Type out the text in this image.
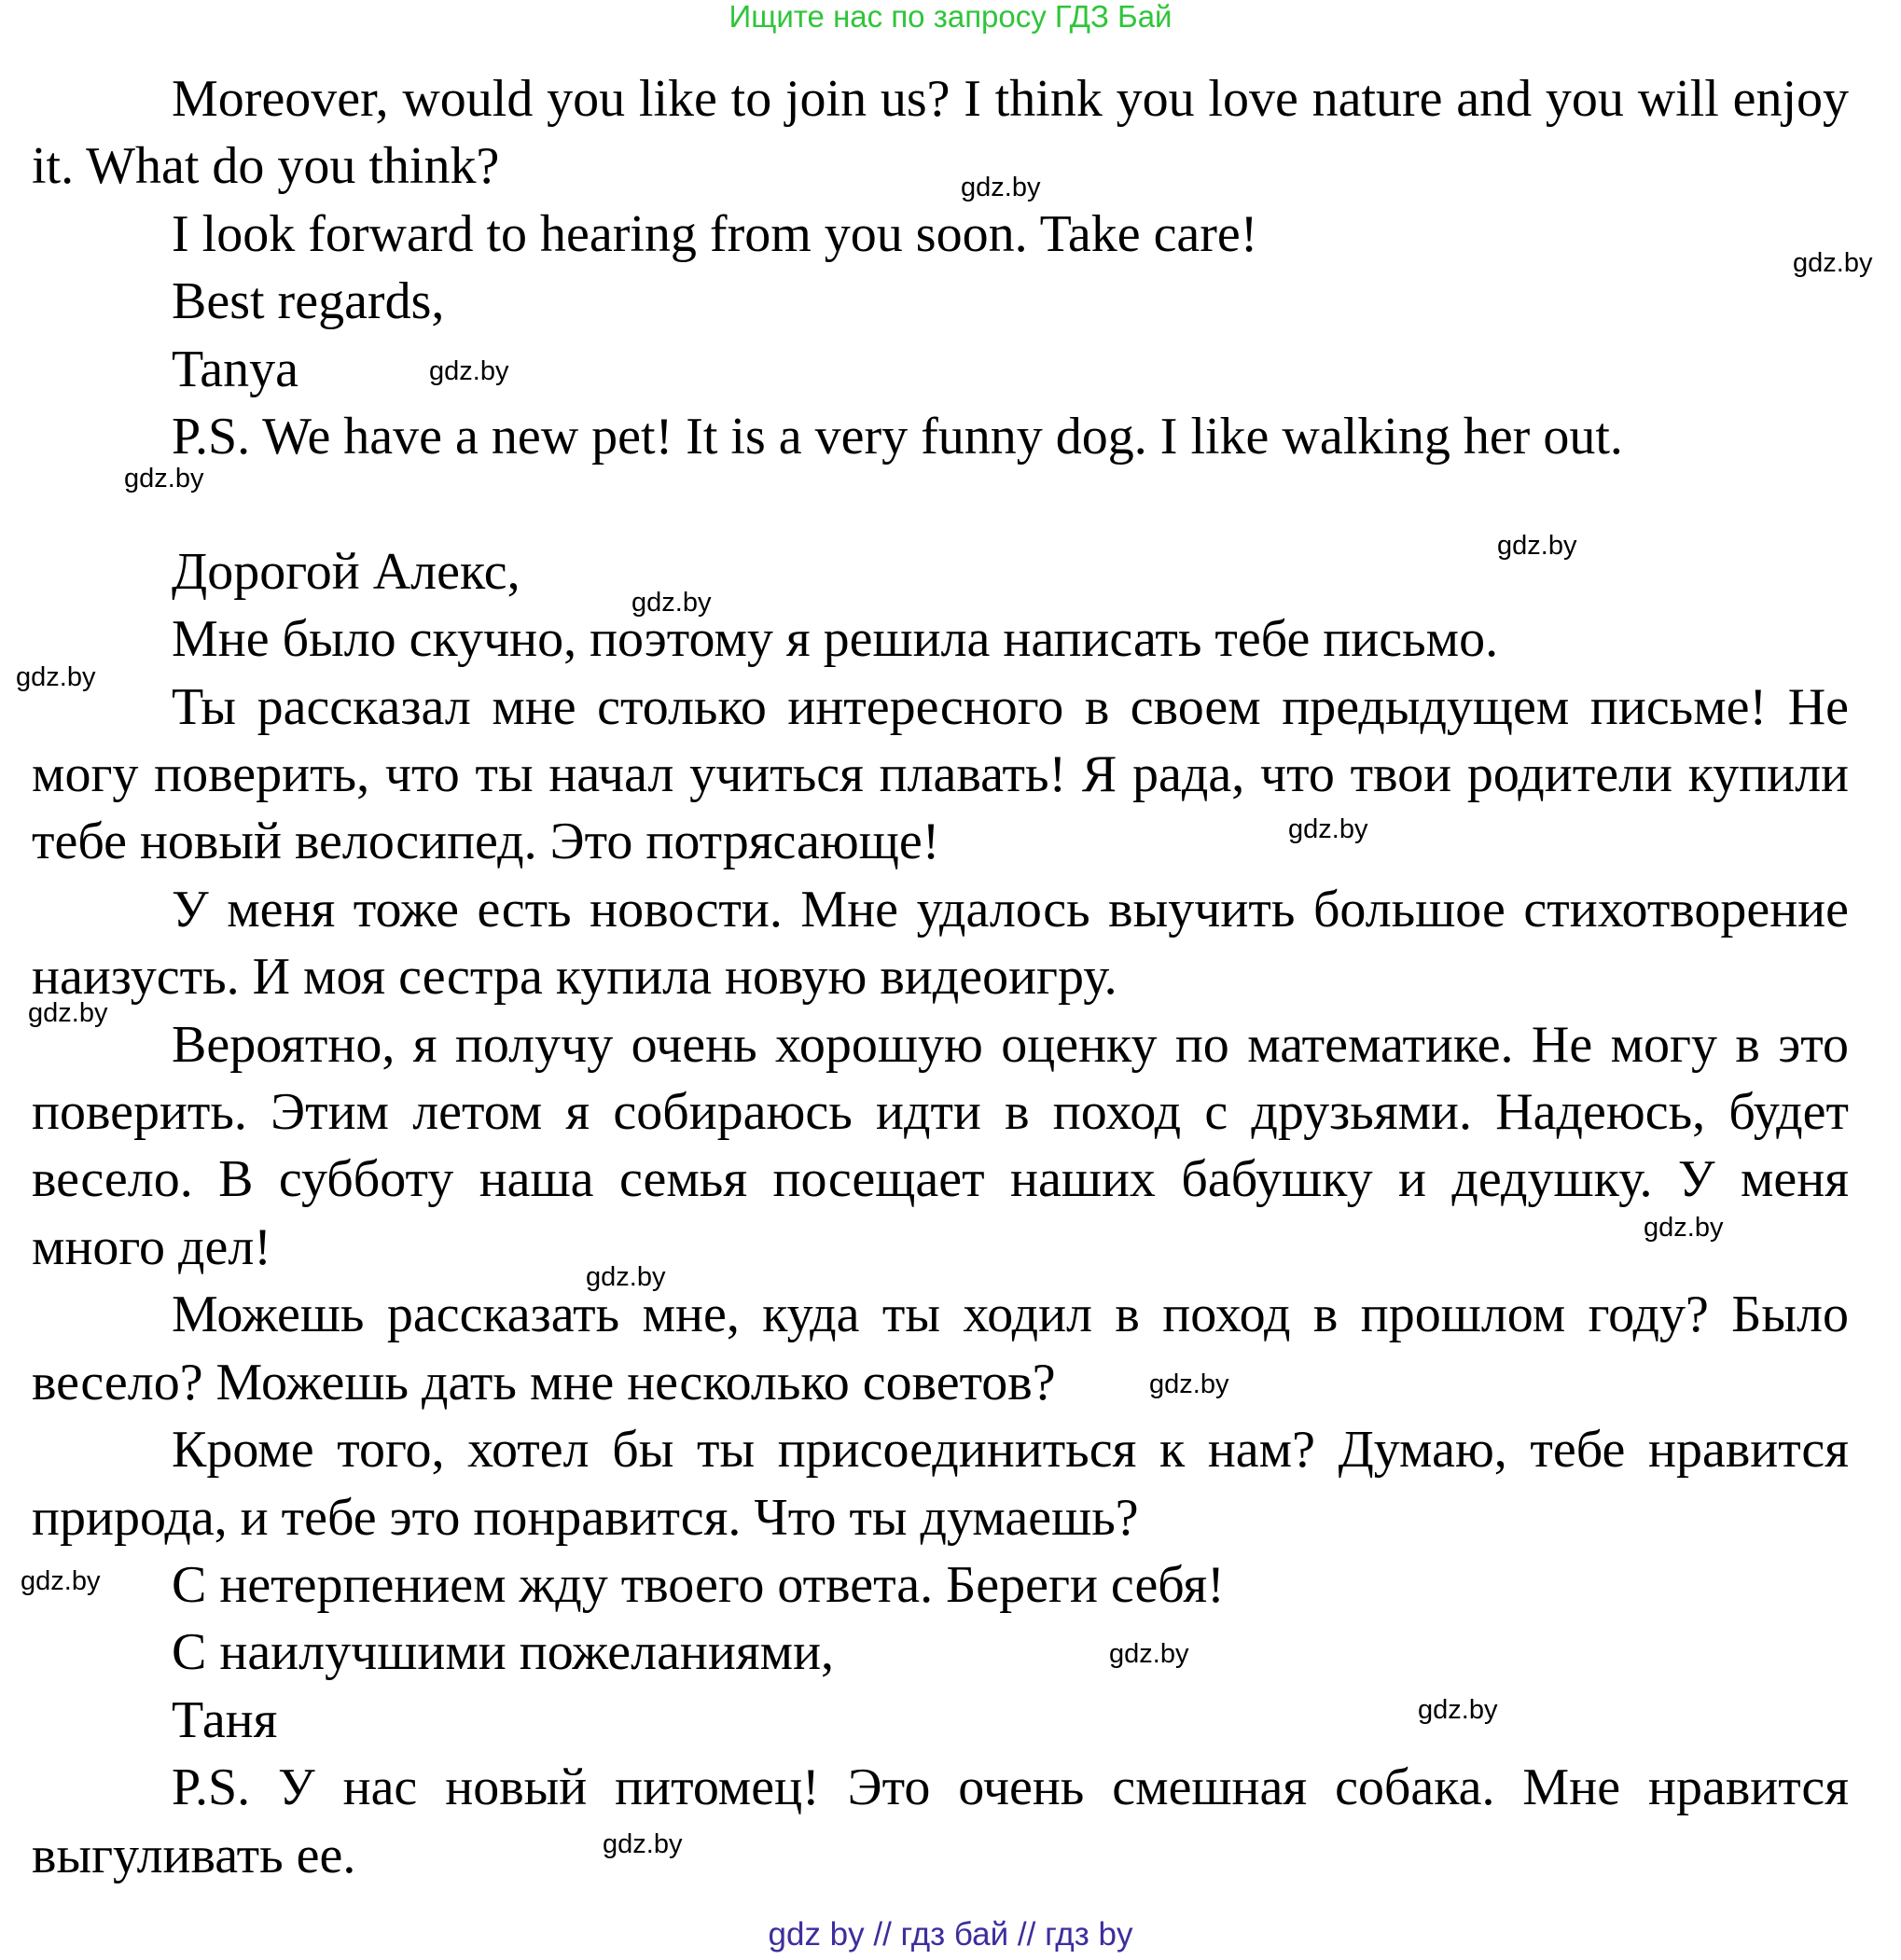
Ищите нас по запросу ГДЗ Бай

Moreover, would you like to join us? I think you love nature and you will enjoy it. What do you think?

I look forward to hearing from you soon. Take care!

Best regards,

Tanya

P.S. We have a new pet! It is a very funny dog. I like walking her out.

Дорогой Алекс,

Мне было скучно, поэтому я решила написать тебе письмо.

Ты рассказал мне столько интересного в своем предыдущем письме! Не могу поверить, что ты начал учиться плавать! Я рада, что твои родители купили тебе новый велосипед. Это потрясающе!

У меня тоже есть новости. Мне удалось выучить большое стихотворение наизусть. И моя сестра купила новую видеоигру.

Вероятно, я получу очень хорошую оценку по математике. Не могу в это поверить. Этим летом я собираюсь идти в поход с друзьями. Надеюсь, будет весело. В субботу наша семья посещает наших бабушку и дедушку. У меня много дел!

Можешь рассказать мне, куда ты ходил в поход в прошлом году? Было весело? Можешь дать мне несколько советов?

Кроме того, хотел бы ты присоединиться к нам? Думаю, тебе нравится природа, и тебе это понравится. Что ты думаешь?

С нетерпением жду твоего ответа. Береги себя!

С наилучшими пожеланиями,

Таня

P.S. У нас новый питомец! Это очень смешная собака. Мне нравится выгуливать ее.

gdz.by
gdz.by
gdz.by
gdz.by
gdz.by
gdz.by
gdz.by
gdz.by
gdz.by
gdz.by
gdz.by
gdz.by
gdz.by
gdz.by
gdz.by
gdz.by
gdz by // гдз бай // гдз by
